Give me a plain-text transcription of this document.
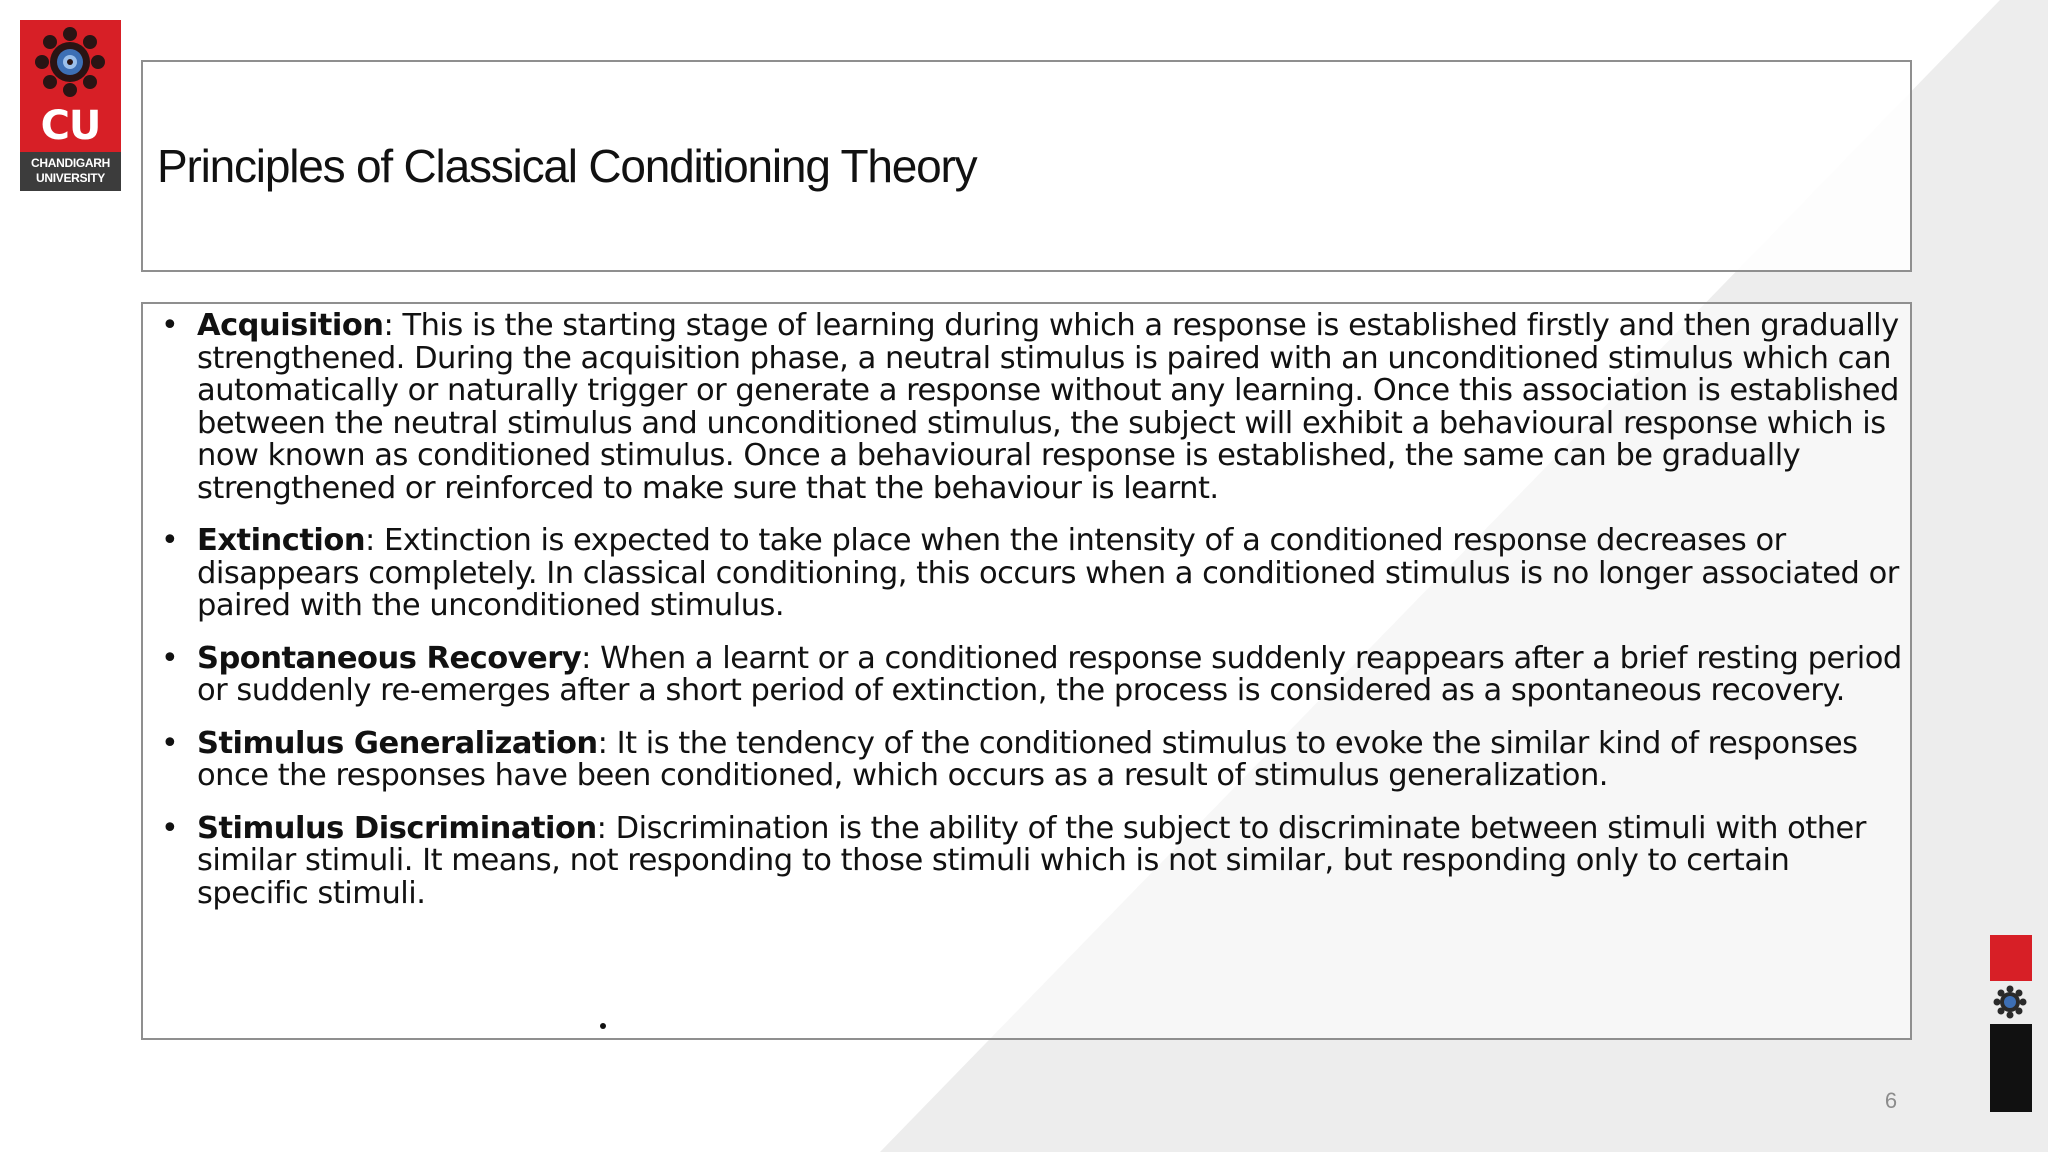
CU
CHANDIGARH
UNIVERSITY	Principles of Classical Conditioning Theory
• Acquisition: This is the starting stage of learning during which a response is established firstly and then gradually strengthened. During the acquisition phase, a neutral stimulus is paired with an unconditioned stimulus which can automatically or naturally trigger or generate a response without any learning. Once this association is established between the neutral stimulus and unconditioned stimulus, the subject will exhibit a behavioural response which is now known as conditioned stimulus. Once a behavioural response is established, the same can be gradually strengthened or reinforced to make sure that the behaviour is learnt.
• Extinction: Extinction is expected to take place when the intensity of a conditioned response decreases or disappears completely. In classical conditioning, this occurs when a conditioned stimulus is no longer associated or paired with the unconditioned stimulus.
• Spontaneous Recovery: When a learnt or a conditioned response suddenly reappears after a brief resting period or suddenly re-emerges after a short period of extinction, the process is considered as a spontaneous recovery.
• Stimulus Generalization: It is the tendency of the conditioned stimulus to evoke the similar kind of responses once the responses have been conditioned, which occurs as a result of stimulus generalization.
• Stimulus Discrimination: Discrimination is the ability of the subject to discriminate between stimuli with other similar stimuli. It means, not responding to those stimuli which is not similar, but responding only to certain specific stimuli.
6
